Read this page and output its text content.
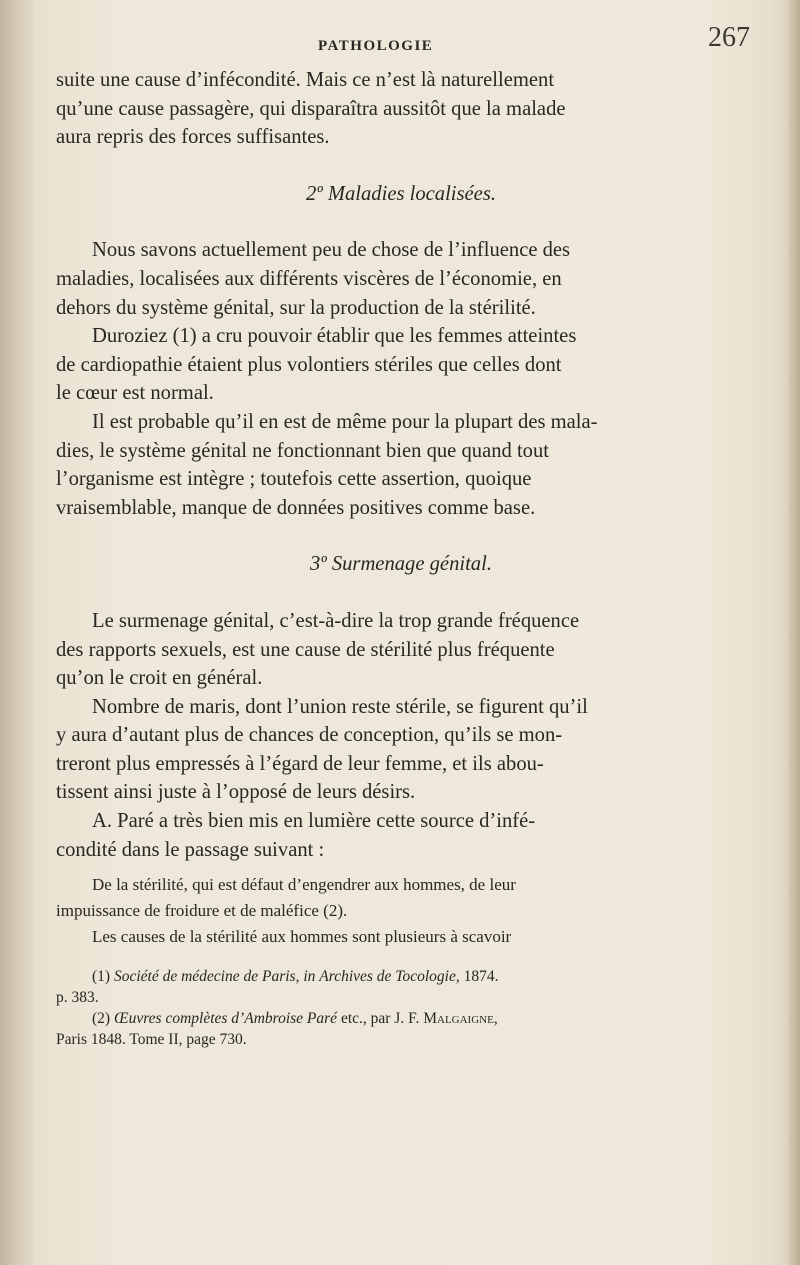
PATHOLOGIE	267
suite une cause d’infécondité. Mais ce n’est là naturellement
qu’une cause passagère, qui disparaîtra aussitôt que la malade
aura repris des forces suffisantes.
2º Maladies localisées.
Nous savons actuellement peu de chose de l’influence des
maladies, localisées aux différents viscères de l’économie, en
dehors du système génital, sur la production de la stérilité.
Duroziez (1) a cru pouvoir établir que les femmes atteintes
de cardiopathie étaient plus volontiers stériles que celles dont
le cœur est normal.
Il est probable qu’il en est de même pour la plupart des mala-
dies, le système génital ne fonctionnant bien que quand tout
l’organisme est intègre ; toutefois cette assertion, quoique
vraisemblable, manque de données positives comme base.
3º Surmenage génital.
Le surmenage génital, c’est-à-dire la trop grande fréquence
des rapports sexuels, est une cause de stérilité plus fréquente
qu’on le croit en général.
Nombre de maris, dont l’union reste stérile, se figurent qu’il
y aura d’autant plus de chances de conception, qu’ils se mon-
treront plus empressés à l’égard de leur femme, et ils abou-
tissent ainsi juste à l’opposé de leurs désirs.
A. Paré a très bien mis en lumière cette source d’infé-
condité dans le passage suivant :
De la stérilité, qui est défaut d’engendrer aux hommes, de leur
impuissance de froidure et de maléfice (2).
Les causes de la stérilité aux hommes sont plusieurs à scavoir
(1) Société de médecine de Paris, in Archives de Tocologie, 1874.
p. 383.
(2) Œuvres complètes d’Ambroise Paré etc., par J. F. Malgaigne,
Paris 1848. Tome II, page 730.
